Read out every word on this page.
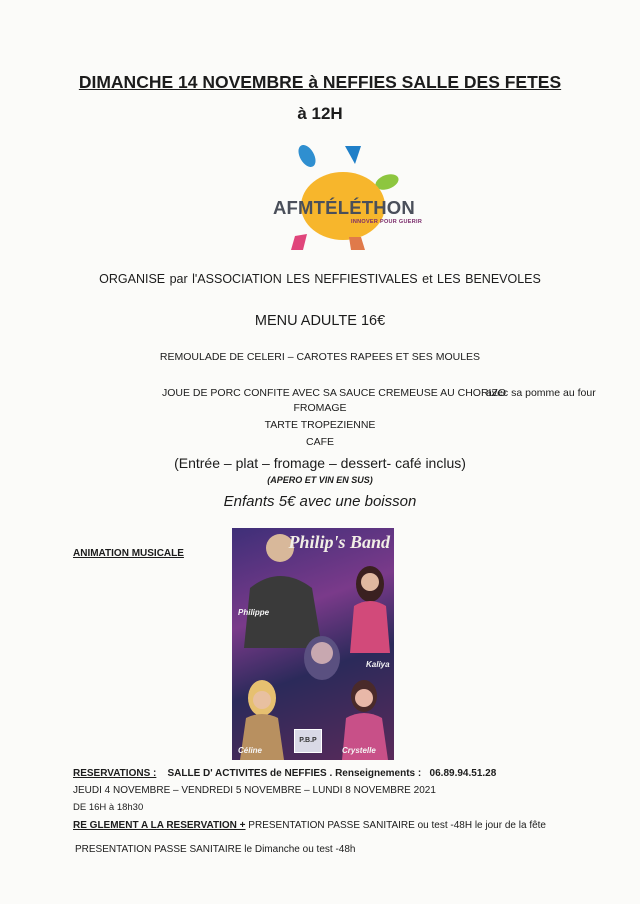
DIMANCHE 14 NOVEMBRE à NEFFIES SALLE DES FETES
à 12H
AFMTÉLÉTHON
INNOVER POUR GUERIR
ORGANISE par l'ASSOCIATION LES NEFFIESTIVALES et LES BENEVOLES
MENU ADULTE 16€
REMOULADE DE CELERI – CAROTES RAPEES ET SES MOULES
JOUE DE PORC CONFITE AVEC SA SAUCE CREMEUSE AU CHORIZO
avec sa pomme au four
FROMAGE
TARTE TROPEZIENNE
CAFE
(Entrée – plat – fromage – dessert- café inclus)
(APERO ET VIN EN SUS)
Enfants 5€ avec une boisson
ANIMATION MUSICALE
Philip's Band
Philippe
Kaliya
Céline	Crystelle
P.B.P
RESERVATIONS : SALLE D' ACTIVITES de NEFFIES . Renseignements : 06.89.94.51.28
JEUDI 4 NOVEMBRE – VENDREDI 5 NOVEMBRE – LUNDI 8 NOVEMBRE 2021
DE 16H à 18h30
RE GLEMENT A LA RESERVATION + PRESENTATION PASSE SANITAIRE ou test -48H le jour de la fête
PRESENTATION PASSE SANITAIRE le Dimanche ou test -48h
